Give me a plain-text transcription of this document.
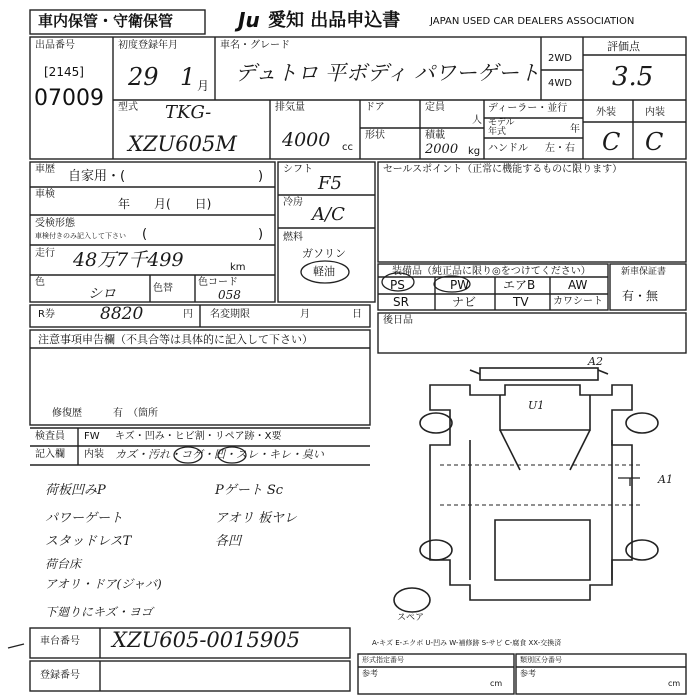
車内保管・守衛保管	Ju 愛知 出品申込書	JAPAN USED CAR DEALERS ASSOCIATION
出品番号
[2145]
07009
初度登録年月
29 1 月
車名・グレード
デュトロ 平ボディ パワーゲート
2WD
4WD
評価点
3.5
外装	内装
C C
型式 TKG-
XZU605M
排気量
4000 cc
ドア
形状
定員
人
積載
2000 kg
ディーラー・並行
モデル
年式	年
ハンドル 左・右
車歴 自家用・(	)
車検
年　　月(　　日)
受検形態
車検付きのみ記入して下さい (	)
走行 48万7千499	km
色
シロ	色替
色コード
058
シフト
F5
冷房
A/C
燃料
ガソリン
軽油
セールスポイント（正常に機能するものに限ります）
装備品（純正品に限り◎をつけてください）
PS	PW	エアB	AW
SR	ナビ	TV カワシート
新車保証書
有・無
R券	8820	円 名変期限	月	日
後日品
注意事項申告欄（不具合等は具体的に記入して下さい）
修復歴	有　（箇所
検査員
記入欄
FW キズ・凹み・ヒビ割・リペア跡・X要
内装 カズ・汚れ・コゲ・凹・スレ・キレ・臭い
荷板凹みP	Pゲート Sc
パワーゲート	アオリ 板ヤレ
スタッドレスT	各凹
荷台床
アオリ・ドア(ジャバ)
下廻りにキズ・ヨゴ
A2
A1
U1
スペア
A-キズ E-エクボ U-凹み W-補修跡 S-サビ C-腐食 XX-交換済
車台番号 XZU605-0015905
登録番号
形式指定番号
参考
cm
類別区分番号
参考
cm
